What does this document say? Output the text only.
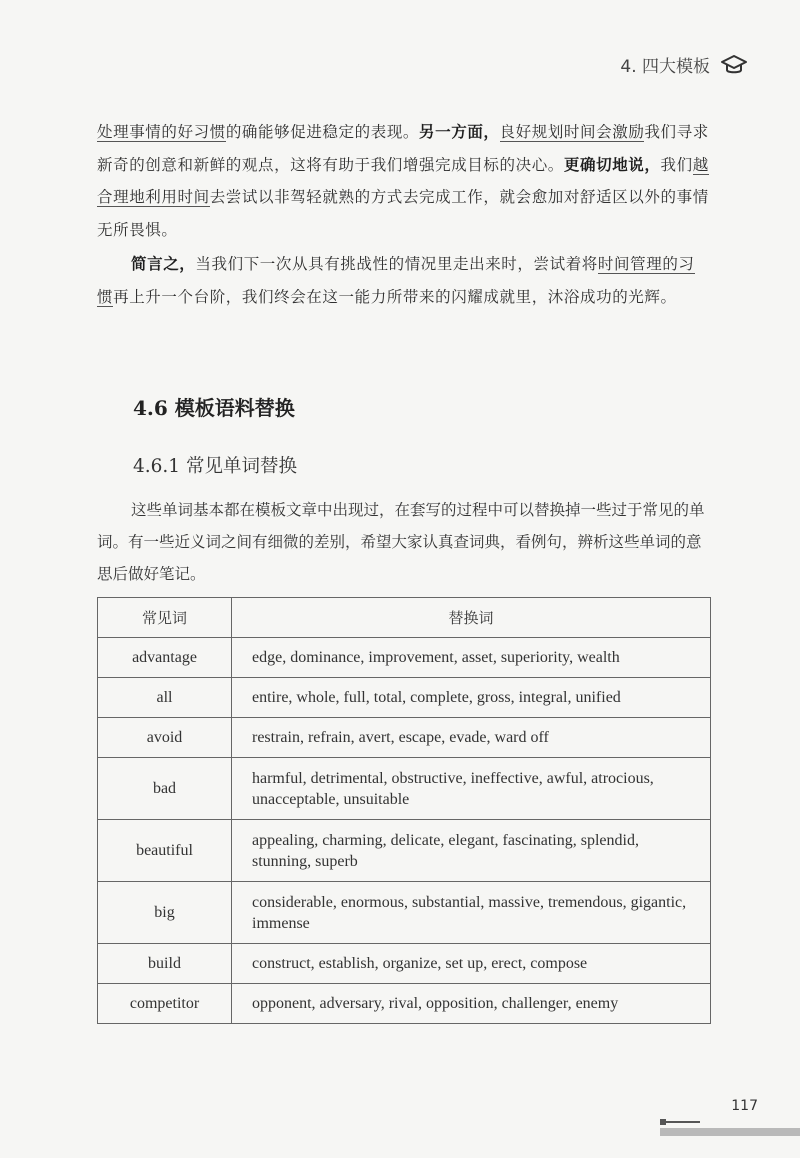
4. 四大模板

处理事情的好习惯的确能够促进稳定的表现。另一方面，良好规划时间会激励我们寻求新奇的创意和新鲜的观点，这将有助于我们增强完成目标的决心。更确切地说，我们越合理地利用时间去尝试以非驾轻就熟的方式去完成工作，就会愈加对舒适区以外的事情无所畏惧。

简言之，当我们下一次从具有挑战性的情况里走出来时，尝试着将时间管理的习惯再上升一个台阶，我们终会在这一能力所带来的闪耀成就里，沐浴成功的光辉。

4.6 模板语料替换
4.6.1 常见单词替换

这些单词基本都在模板文章中出现过，在套写的过程中可以替换掉一些过于常见的单词。有一些近义词之间有细微的差别，希望大家认真查词典，看例句，辨析这些单词的意思后做好笔记。

常见词	替换词
advantage	edge, dominance, improvement, asset, superiority, wealth
all	entire, whole, full, total, complete, gross, integral, unified
avoid	restrain, refrain, avert, escape, evade, ward off
bad	harmful, detrimental, obstructive, ineffective, awful, atrocious, unacceptable, unsuitable
beautiful	appealing, charming, delicate, elegant, fascinating, splendid, stunning, superb
big	considerable, enormous, substantial, massive, tremendous, gigantic, immense
build	construct, establish, organize, set up, erect, compose
competitor	opponent, adversary, rival, opposition, challenger, enemy
117
